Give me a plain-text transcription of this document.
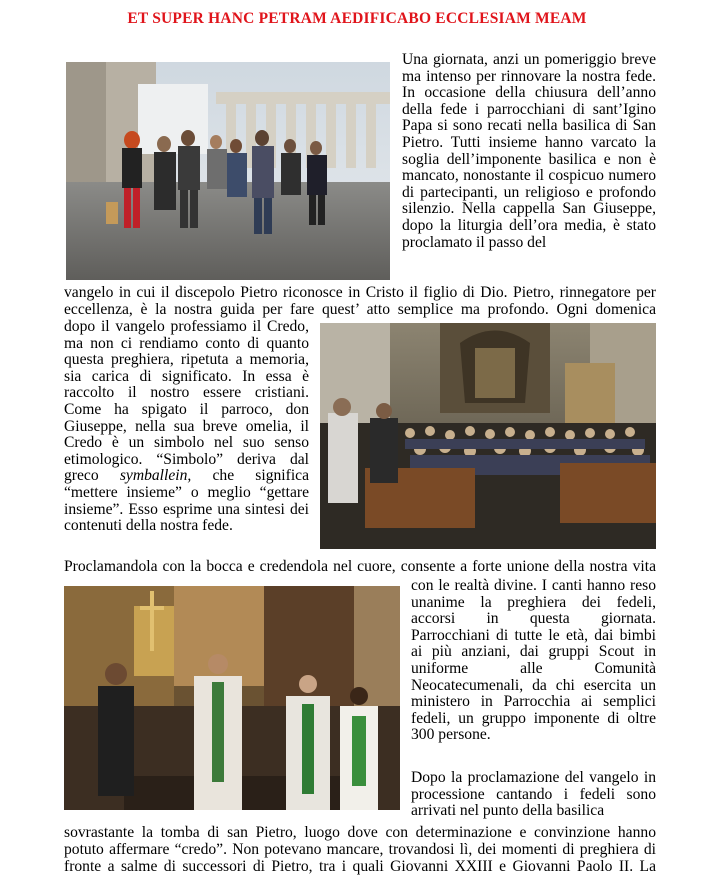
ET SUPER HANC PETRAM AEDIFICABO ECCLESIAM MEAM
Una giornata, anzi un pomeriggio breve ma intenso per rinnovare la nostra fede. In occasione della chiusura dell’anno della fede i parrocchiani di sant’Igino Papa si sono recati nella basilica di San Pietro. Tutti insieme hanno varcato la soglia dell’imponente basilica e non è mancato, nonostante il cospicuo numero di partecipanti, un religioso e profondo silenzio. Nella cappella San Giuseppe, dopo la liturgia dell’ora media, è stato proclamato il passo del
vangelo in cui il discepolo Pietro riconosce in Cristo il figlio di Dio. Pietro, rinnegatore per
eccellenza, è la nostra guida per fare quest’ atto semplice ma profondo. Ogni domenica
dopo il vangelo professiamo il Credo, ma non ci rendiamo conto di quanto questa preghiera, ripetuta a memoria, sia carica di significato. In essa è raccolto il nostro essere cristiani. Come ha spigato il parroco, don Giuseppe, nella sua breve omelia, il Credo è un simbolo nel suo senso etimologico. “Simbolo” deriva dal greco symballein, che significa “mettere insieme” o meglio “gettare insieme”. Esso esprime una sintesi dei contenuti della nostra fede.
Proclamandola con la bocca e credendola nel cuore, consente a forte unione della nostra vita
con le realtà divine. I canti hanno reso unanime la preghiera dei fedeli, accorsi in questa giornata. Parrocchiani di tutte le età, dai bimbi ai più anziani, dai gruppi Scout in uniforme alle Comunità Neocatecumenali, da chi esercita un ministero in Parrocchia ai semplici fedeli, un gruppo imponente di oltre 300 persone.
Dopo la proclamazione del vangelo in processione cantando i fedeli sono arrivati nel punto della basilica
sovrastante la tomba di san Pietro, luogo dove con determinazione e convinzione hanno
potuto affermare “credo”. Non potevano mancare, trovandosi lì, dei momenti di preghiera di
fronte a salme di successori di Pietro, tra i quali Giovanni XXIII e Giovanni Paolo II. La
